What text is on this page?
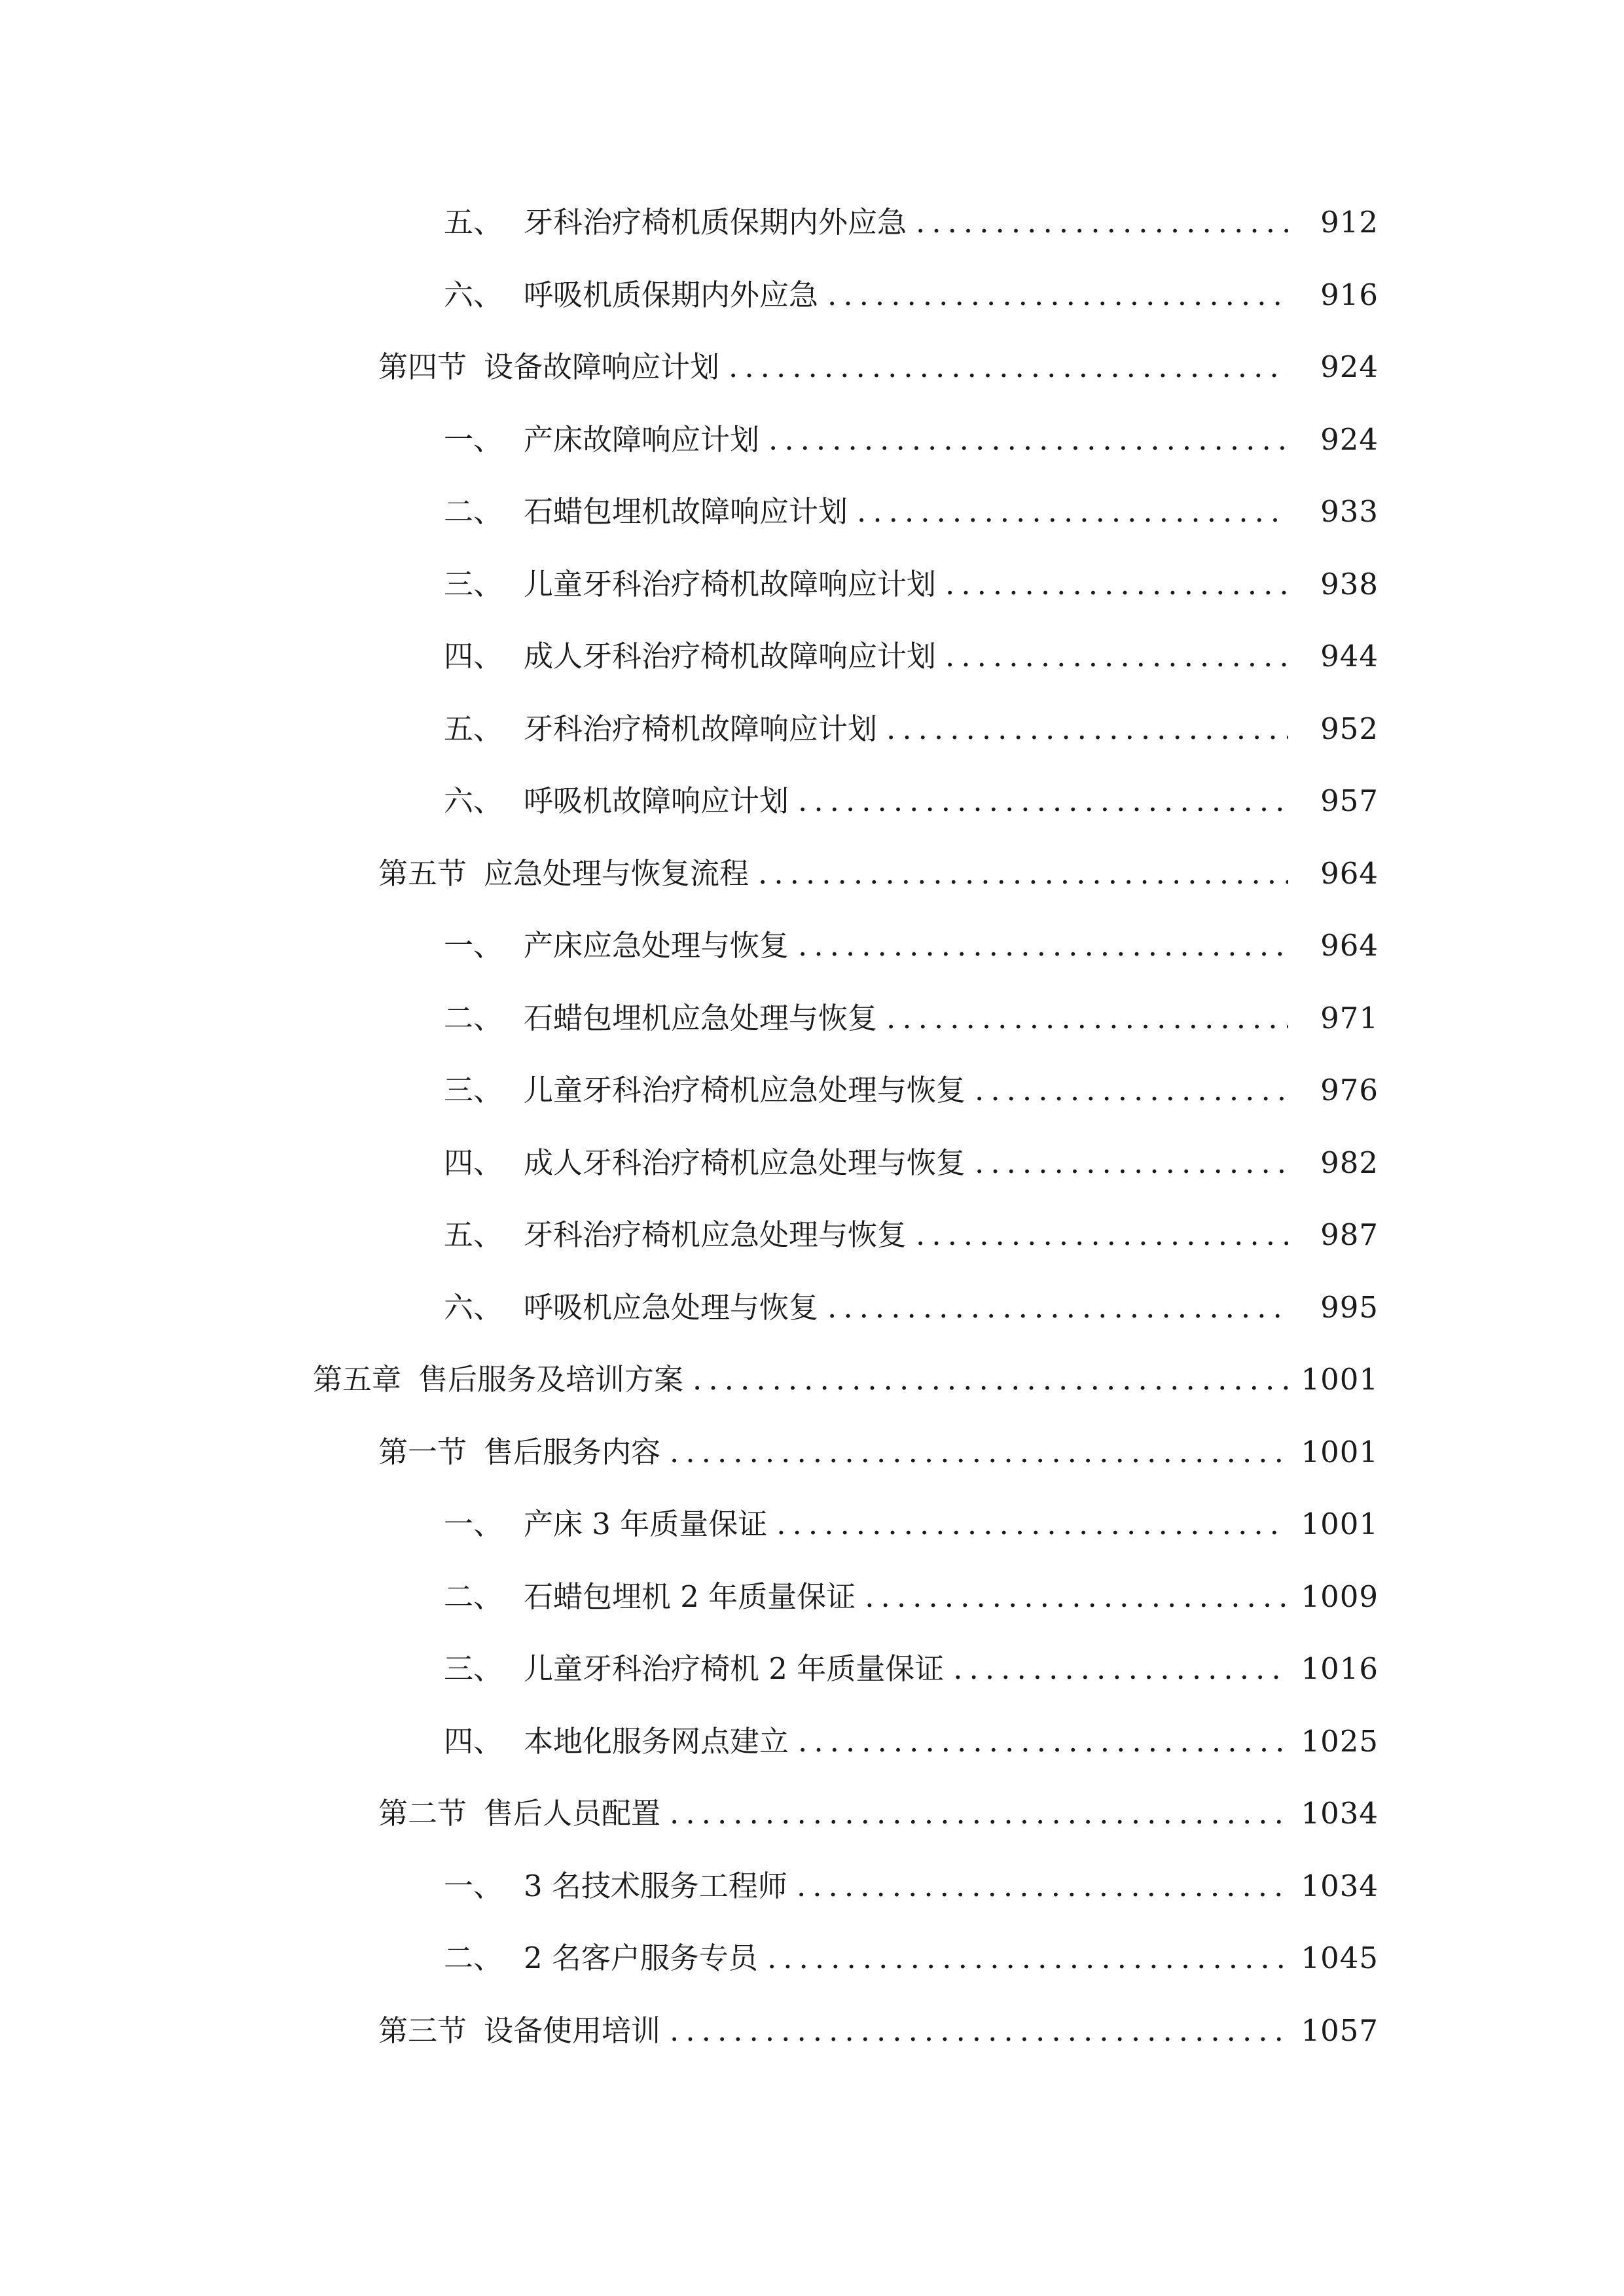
五、 牙科治疗椅机质保期内外应急 .....	912
六、 呼吸机质保期内外应急 .....	916
第四节 设备故障响应计划 .....	924
一、 产床故障响应计划 .....	924
二、 石蜡包埋机故障响应计划 .....	933
三、 儿童牙科治疗椅机故障响应计划 .....	938
四、 成人牙科治疗椅机故障响应计划 .....	944
五、 牙科治疗椅机故障响应计划 .....	952
六、 呼吸机故障响应计划 .....	957
第五节 应急处理与恢复流程 .....	964
一、 产床应急处理与恢复 .....	964
二、 石蜡包埋机应急处理与恢复 .....	971
三、 儿童牙科治疗椅机应急处理与恢复 .....	976
四、 成人牙科治疗椅机应急处理与恢复 .....	982
五、 牙科治疗椅机应急处理与恢复 .....	987
六、 呼吸机应急处理与恢复 .....	995
第五章 售后服务及培训方案 .....	1001
第一节 售后服务内容 .....	1001
一、 产床 3 年质量保证 .....	1001
二、 石蜡包埋机 2 年质量保证 .....	1009
三、 儿童牙科治疗椅机 2 年质量保证 .....	1016
四、 本地化服务网点建立 .....	1025
第二节 售后人员配置 .....	1034
一、 3 名技术服务工程师 .....	1034
二、 2 名客户服务专员 .....	1045
第三节 设备使用培训 .....	1057
